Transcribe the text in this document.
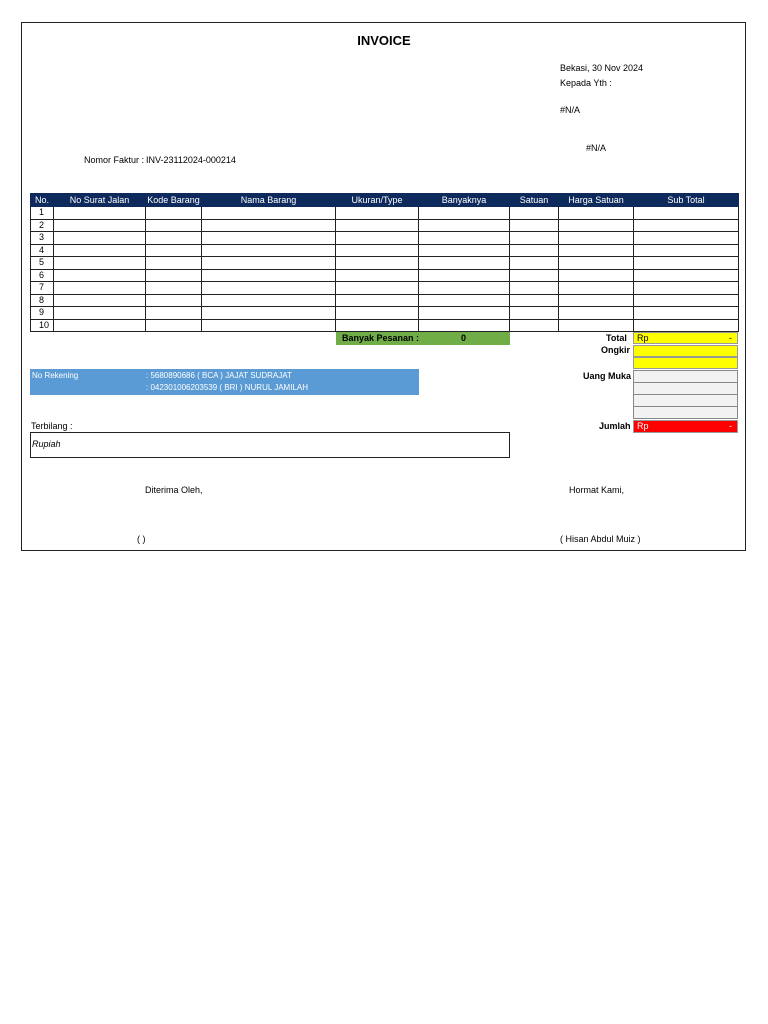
INVOICE
Bekasi, 30 Nov 2024
Kepada Yth :
#N/A
#N/A
Nomor Faktur : INV-23112024-000214
No.	No Surat Jalan	Kode Barang	Nama Barang	Ukuran/Type	Banyaknya	Satuan	Harga Satuan	Sub Total
1								
2								
3								
4								
5								
6								
7								
8								
9								
10								
Banyak Pesanan :	0	Total Rp	-
Ongkir
Uang Muka
Jumlah Rp	-
No Rekening	: 5680890686 ( BCA ) JAJAT SUDRAJAT
: 042301006203539 ( BRI ) NURUL JAMILAH
Terbilang :
Rupiah
Diterima Oleh,
( )
Hormat Kami,
( Hisan Abdul Muiz )
